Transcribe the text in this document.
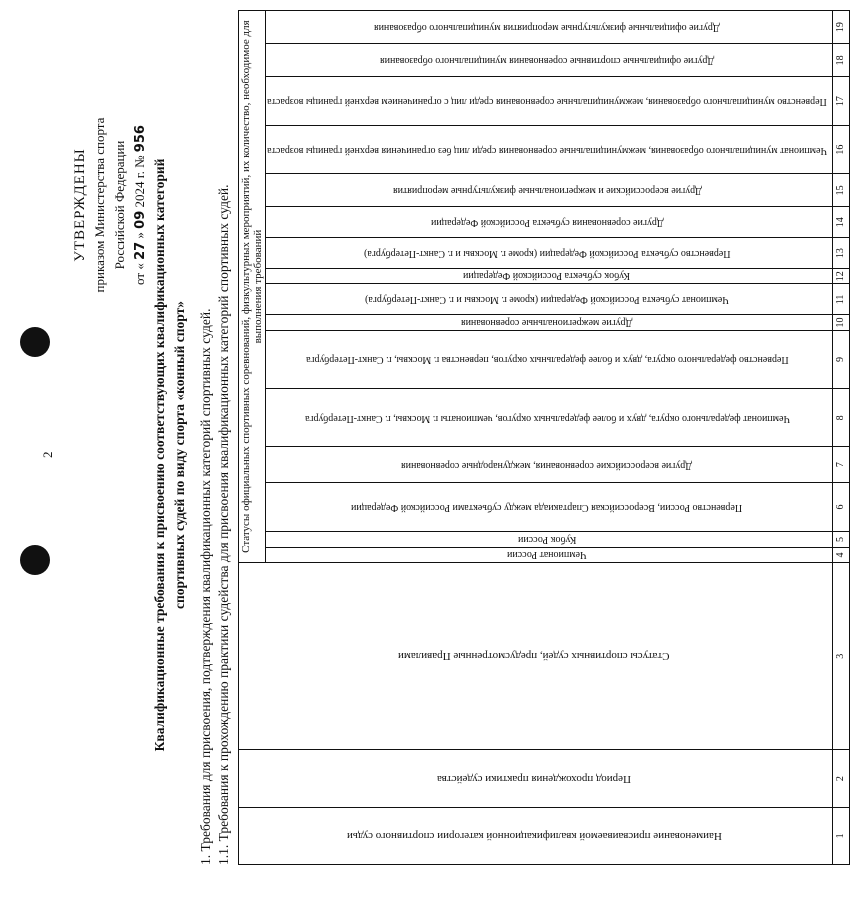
2
УТВЕРЖДЕНЫ приказом Министерства спорта Российской Федерации
от « 27 » 09 2024 г. № 956
Квалификационные требования к присвоению соответствующих квалификационных категорий спортивных судей по виду спорта «конный спорт» 1. Требования для присвоения, подтверждения квалификационных категорий спортивных судей. 1.1. Требования к прохождению практики судейства для присвоения квалификационных категорий спортивных судей.	Наименование присваиваемой квалификационной категории спортивного судьи	Период прохождения практики судейства	Статусы спортивных судей, предусмотренные Правилами	Статусы официальных спортивных соревнований, физкультурных мероприятий, их количество, необходимое для выполнения требований															
			Чемпионат России	Кубок России	Первенство России, Всероссийская Спартакиада между субъектами Российской Федерации	Другие всероссийские соревнования, международные соревнования	Чемпионат федерального округа, двух и более федеральных округов, чемпионаты г. Москвы, г. Санкт-Петербурга	Первенство федерального округа, двух и более федеральных округов, первенства г. Москвы, г. Санкт-Петербурга	Другие межрегиональные соревнования	Чемпионат субъекта Российской Федерации (кроме г. Москвы и г. Санкт-Петербурга)	Кубок субъекта Российской Федерации	Первенство субъекта Российской Федерации (кроме г. Москвы и г. Санкт-Петербурга)	Другие соревнования субъекта Российской Федерации	Другие всероссийские и межрегиональные физкультурные мероприятия	Чемпионат муниципального образования, межмуниципальные соревнования среди лиц без ограничения верхней границы возраста	Первенство муниципального образования, межмуниципальные соревнования среди лиц с ограничением верхней границы возраста	Другие официальные спортивные соревнования муниципального образования	Другие официальные физкультурные мероприятия муниципального образования
1	2	3	4	5	6	7	8	9	10	11	12	13	14	15	16	17	18	19
